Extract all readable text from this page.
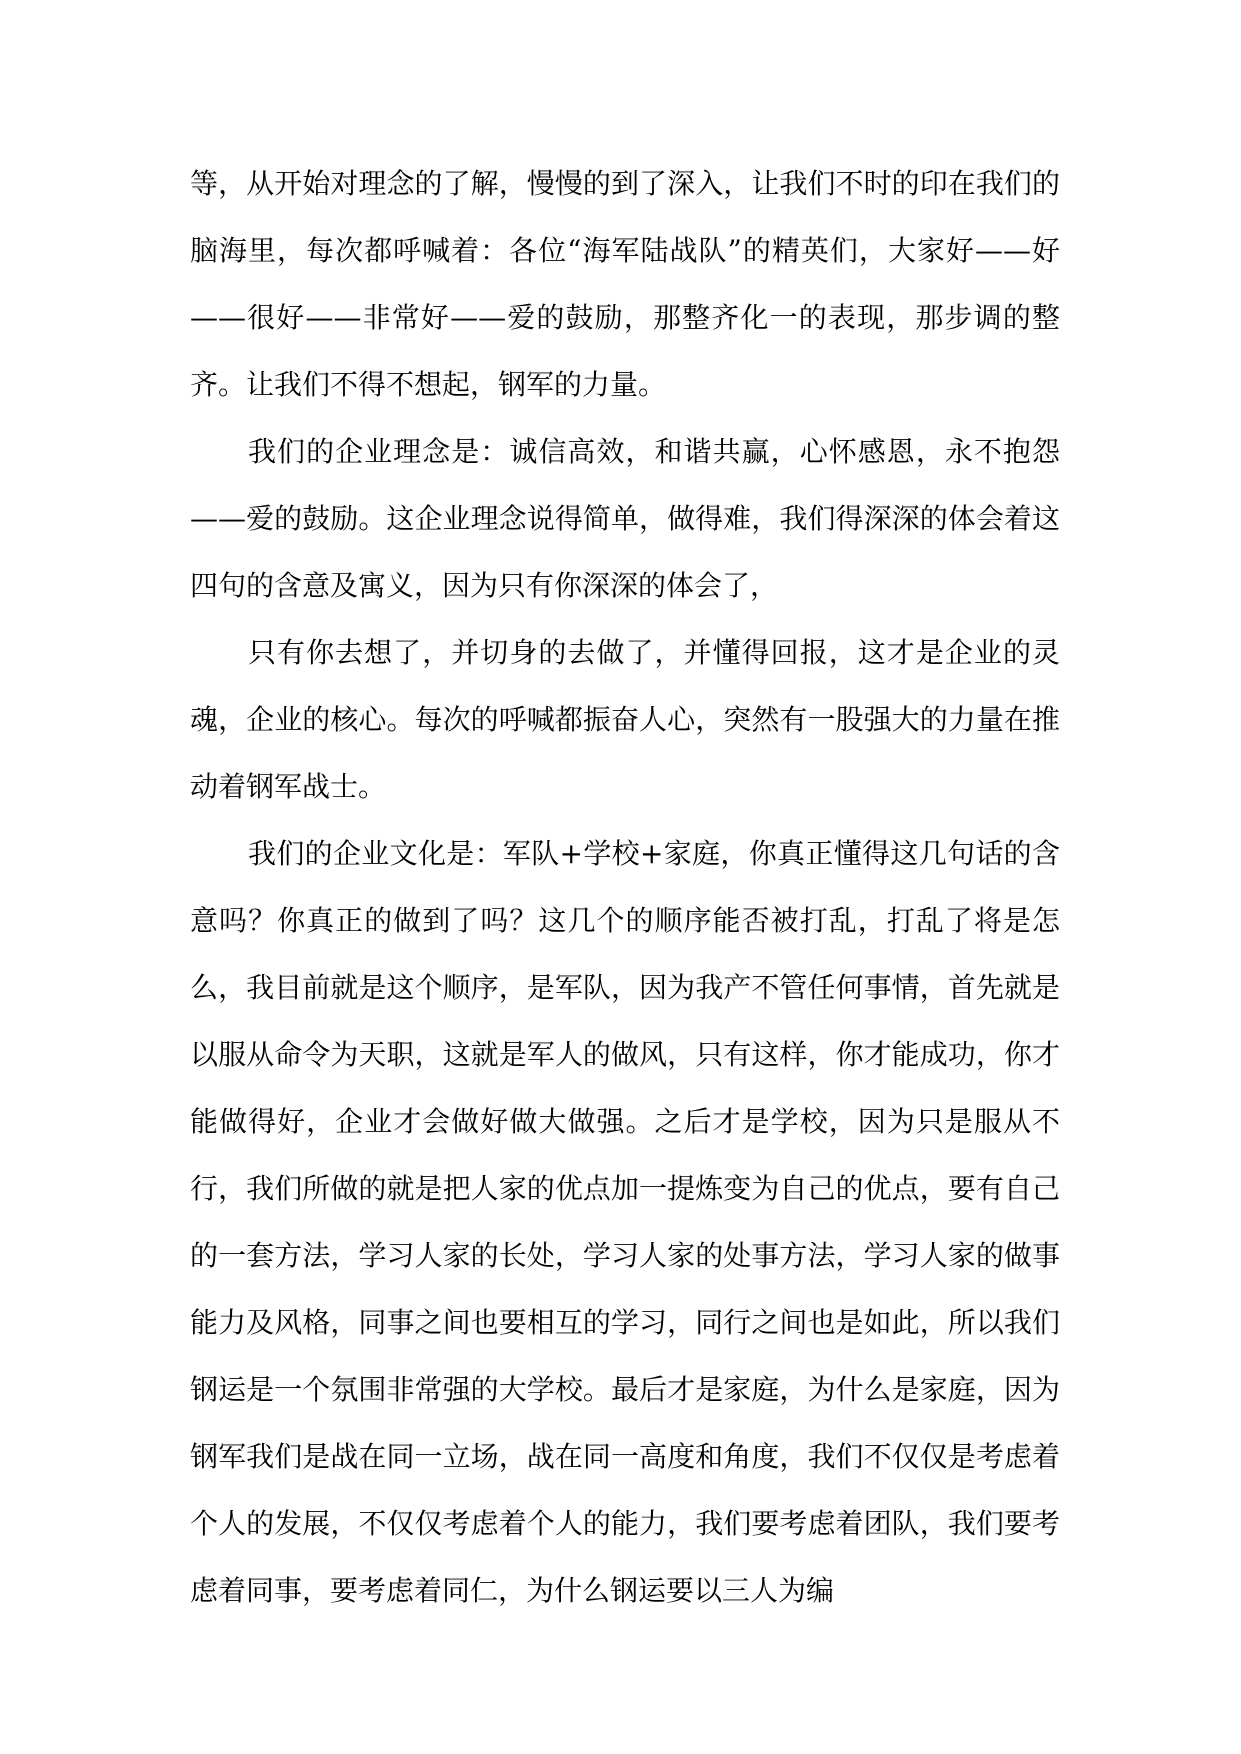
等，从开始对理念的了解，慢慢的到了深入，让我们不时的印在我们的脑海里，每次都呼喊着：各位“海军陆战队”的精英们，大家好——好——很好——非常好——爱的鼓励，那整齐化一的表现，那步调的整齐。让我们不得不想起，钢军的力量。

我们的企业理念是：诚信高效，和谐共赢，心怀感恩，永不抱怨——爱的鼓励。这企业理念说得简单，做得难，我们得深深的体会着这四句的含意及寓义，因为只有你深深的体会了，

只有你去想了，并切身的去做了，并懂得回报，这才是企业的灵魂，企业的核心。每次的呼喊都振奋人心，突然有一股强大的力量在推动着钢军战士。

我们的企业文化是：军队+学校+家庭，你真正懂得这几句话的含意吗？你真正的做到了吗？这几个的顺序能否被打乱，打乱了将是怎么，我目前就是这个顺序，是军队，因为我产不管任何事情，首先就是以服从命令为天职，这就是军人的做风，只有这样，你才能成功，你才能做得好，企业才会做好做大做强。之后才是学校，因为只是服从不行，我们所做的就是把人家的优点加一提炼变为自己的优点，要有自己的一套方法，学习人家的长处，学习人家的处事方法，学习人家的做事能力及风格，同事之间也要相互的学习，同行之间也是如此，所以我们钢运是一个氛围非常强的大学校。最后才是家庭，为什么是家庭，因为钢军我们是战在同一立场，战在同一高度和角度，我们不仅仅是考虑着个人的发展，不仅仅考虑着个人的能力，我们要考虑着团队，我们要考虑着同事，要考虑着同仁，为什么钢运要以三人为编
